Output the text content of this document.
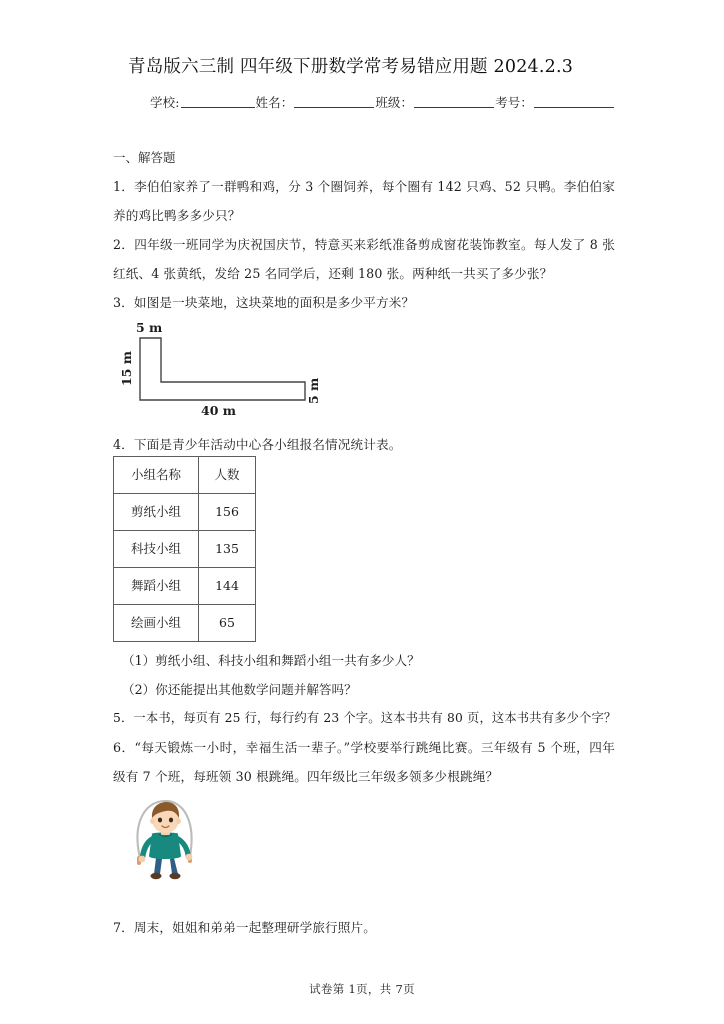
青岛版六三制 四年级下册数学常考易错应用题 2024.2.3
学校:	姓名：	班级：	考号：
一、解答题
1．李伯伯家养了一群鸭和鸡，分 3 个圈饲养，每个圈有 142 只鸡、52 只鸭。李伯伯家养的鸡比鸭多多少只？
2．四年级一班同学为庆祝国庆节，特意买来彩纸准备剪成窗花装饰教室。每人发了 8 张红纸、4 张黄纸，发给 25 名同学后，还剩 180 张。两种纸一共买了多少张？
3．如图是一块菜地，这块菜地的面积是多少平方米？
5 m
15 m
40 m
5 m
4．下面是青少年活动中心各小组报名情况统计表。
小组名称	人数
剪纸小组	156
科技小组	135
舞蹈小组	144
绘画小组	65
（1）剪纸小组、科技小组和舞蹈小组一共有多少人？
（2）你还能提出其他数学问题并解答吗？
5．一本书，每页有 25 行，每行约有 23 个字。这本书共有 80 页，这本书共有多少个字？
6．“每天锻炼一小时，幸福生活一辈子。”学校要举行跳绳比赛。三年级有 5 个班，四年级有 7 个班，每班领 30 根跳绳。四年级比三年级多领多少根跳绳？
7．周末，姐姐和弟弟一起整理研学旅行照片。
试卷第 1页，共 7页
